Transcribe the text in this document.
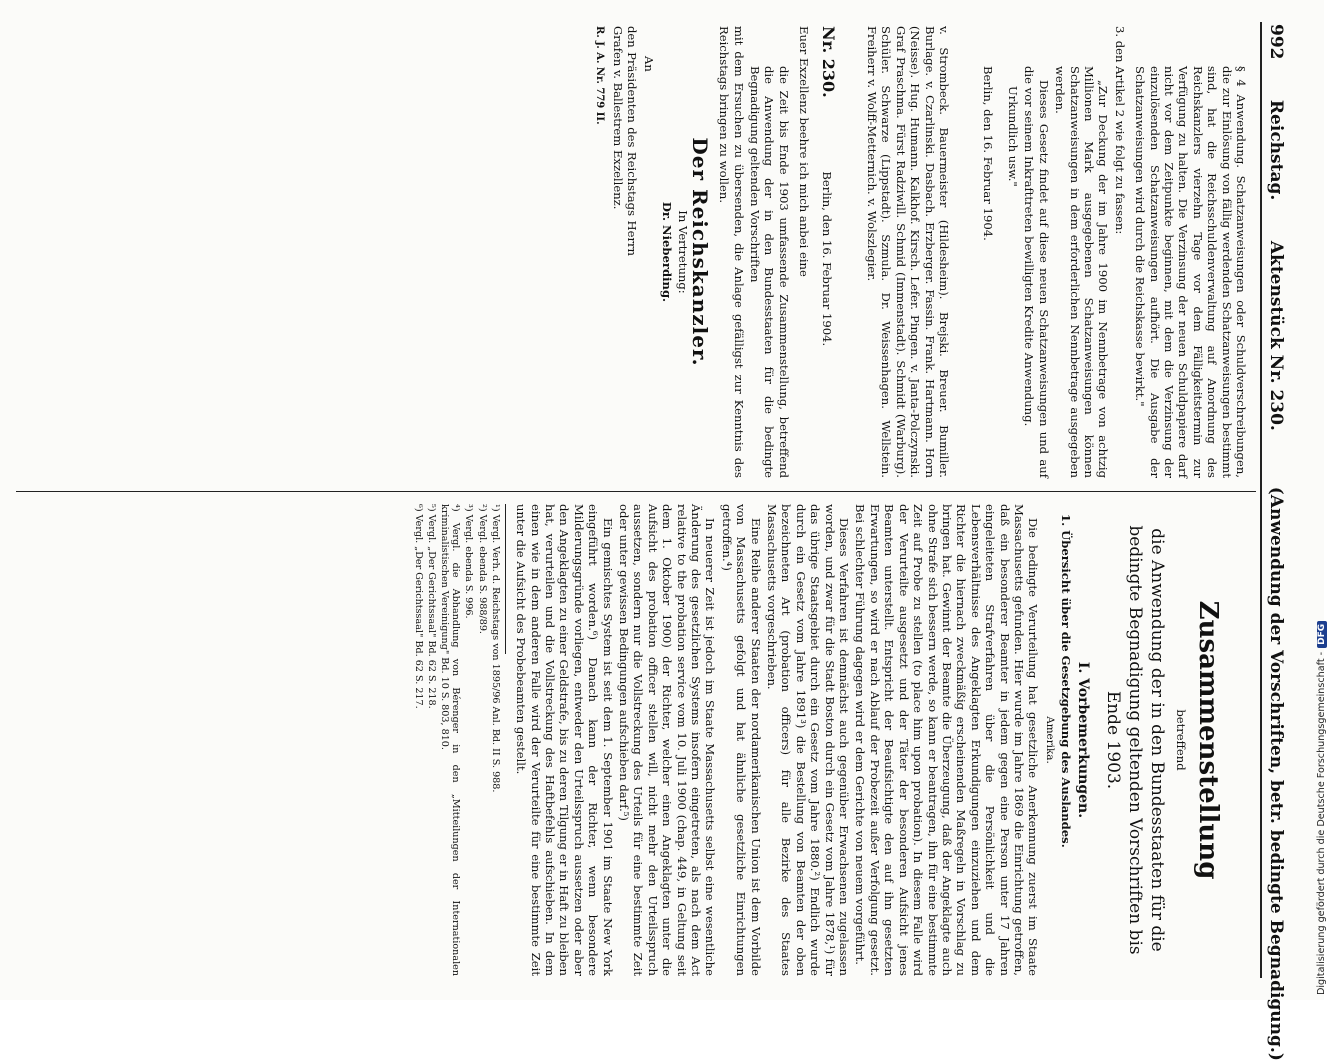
992 Reichstag. Aktenstück Nr. 230. (Anwendung der Vorschriften, betr. bedingte Begnadigung.)

§ 4 Anwendung. Schatzanweisungen oder Schuldverschreibungen, die zur Einlösung von fällig werdenden Schatzanweisungen bestimmt sind, hat die Reichsschuldenverwaltung auf Anordnung des Reichskanzlers vierzehn Tage vor dem Fälligkeitstermin zur Verfügung zu halten. Die Verzinsung der neuen Schuldpapiere darf nicht vor dem Zeitpunkte beginnen, mit dem die Verzinsung der einzulösenden Schatzanweisungen aufhört. Die Ausgabe der Schatzanweisungen wird durch die Reichskasse bewirkt."

3. den Artikel 2 wie folgt zu fassen:

„Zur Deckung der im Jahre 1900 im Nennbetrage von achtzig Millionen Mark ausgegebenen Schatzanweisungen können Schatzanweisungen in dem erforderlichen Nennbetrage ausgegeben werden.

Dieses Gesetz findet auf diese neuen Schatzanweisungen und auf die vor seinem Inkrafttreten bewilligten Kredite Anwendung.

Urkundlich usw."

Berlin, den 16. Februar 1904.

v. Strombeck. Bauermeister (Hildesheim). Brejski. Breuer. Bumiller. Burlage. v. Czarlinski. Dasbach. Erzberger. Fassin. Frank. Hartmann. Horn (Neisse). Hug. Humann. Kalkhof. Kirsch. Lefer. Pingen. v. Janta-Polczynski. Graf Praschma. Fürst Radziwill. Schmid (Immenstadt). Schmidt (Warburg). Schüler. Schwarze (Lippstadt). Szmula. Dr. Weissenhagen. Wellstein. Freiherr v. Wolff-Metternich. v. Wolszlegier.

Nr. 230. Berlin, den 16. Februar 1904.

Euer Exzellenz beehre ich mich anbei eine

die Zeit bis Ende 1903 umfassende Zusammenstellung, betreffend die Anwendung der in den Bundesstaaten für die bedingte Begnadigung geltenden Vorschriften

mit dem Ersuchen zu übersenden, die Anlage gefälligst zur Kenntnis des Reichstags bringen zu wollen.

Der Reichskanzler.

In Vertretung:

Dr. Nieberding.

An

den Präsidenten des Reichstags Herrn Grafen v. Ballestrem Exzellenz.

R. J. A. Nr. 779 II.

Zusammenstellung

betreffend

die Anwendung der in den Bundesstaaten für die bedingte Begnadigung geltenden Vorschriften bis Ende 1903.

I. Vorbemerkungen.

1. Übersicht über die Gesetzgebung des Auslandes.

Amerika.

Die bedingte Verurteilung hat gesetzliche Anerkennung zuerst im Staate Massachusetts gefunden. Hier wurde im Jahre 1869 die Einrichtung getroffen, daß ein besonderer Beamter in jedem gegen eine Person unter 17 Jahren eingeleiteten Strafverfahren über die Persönlichkeit und die Lebensverhältnisse des Angeklagten Erkundigungen einzuziehen und dem Richter die hiernach zweckmäßig erscheinenden Maßregeln in Vorschlag zu bringen hat. Gewinnt der Beamte die Überzeugung, daß der Angeklagte auch ohne Strafe sich bessern werde, so kann er beantragen, ihn für eine bestimmte Zeit auf Probe zu stellen (to place him upon probation). In diesem Falle wird der Verurteilte ausgesetzt und der Täter der besonderen Aufsicht jenes Beamten unterstellt. Entspricht der Beaufsichtigte den auf ihn gesetzten Erwartungen, so wird er nach Ablauf der Probezeit außer Verfolgung gesetzt. Bei schlechter Führung dagegen wird er dem Gerichte von neuem vorgeführt.

Dieses Verfahren ist demnächst auch gegenüber Erwachsenen zugelassen worden, und zwar für die Stadt Boston durch ein Gesetz vom Jahre 1878,¹) für das übrige Staatsgebiet durch ein Gesetz vom Jahre 1880.²) Endlich wurde durch ein Gesetz vom Jahre 1891³) die Bestellung von Beamten der oben bezeichneten Art (probation officers) für alle Bezirke des Staates Massachusetts vorgeschrieben.

Eine Reihe anderer Staaten der nordamerikanischen Union ist dem Vorbilde von Massachusetts gefolgt und hat ähnliche gesetzliche Einrichtungen getroffen.⁴)

In neuerer Zeit ist jedoch im Staate Massachusetts selbst eine wesentliche Änderung des gesetzlichen Systems insofern eingetreten, als nach dem Act relative to the probation service vom 10. Juli 1900 (chap. 449, in Geltung seit dem 1. Oktober 1900) der Richter, welcher einen Angeklagten unter die Aufsicht des probation officer stellen will, nicht mehr den Urteilsspruch aussetzen, sondern nur die Vollstreckung des Urteils für eine bestimmte Zeit oder unter gewissen Bedingungen aufschieben darf.⁵)

Ein gemischtes System ist seit dem 1. September 1901 im Staate New York eingeführt worden.⁶) Danach kann der Richter, wenn besondere Milderungsgründe vorliegen, entweder den Urteilsspruch aussetzen oder aber den Angeklagten zu einer Geldstrafe, bis zu deren Tilgung er in Haft zu bleiben hat, verurteilen und die Vollstreckung des Haftbefehls aufschieben. In dem einen wie in dem anderen Falle wird der Verurteilte für eine bestimmte Zeit unter die Aufsicht des Probebeamten gestellt.

¹) Vergl. Verh. d. Reichstags von 1895/96 Anl. Bd. II S. 988.

²) Vergl. ebenda S. 988/89.

³) Vergl. ebenda S. 996.

⁴) Vergl. die Abhandlung von Bérenger in den „Mitteilungen der Internationalen kriminalistischen Vereinigung" Bd. 10 S. 803, 810.

⁵) Vergl. „Der Gerichtssaal" Bd. 62 S. 218.

⁶) Vergl. „Der Gerichtssaal" Bd. 62 S. 217.

Digitalisierung gefördert durch die Deutsche Forschungsgemeinschaft -DFG
